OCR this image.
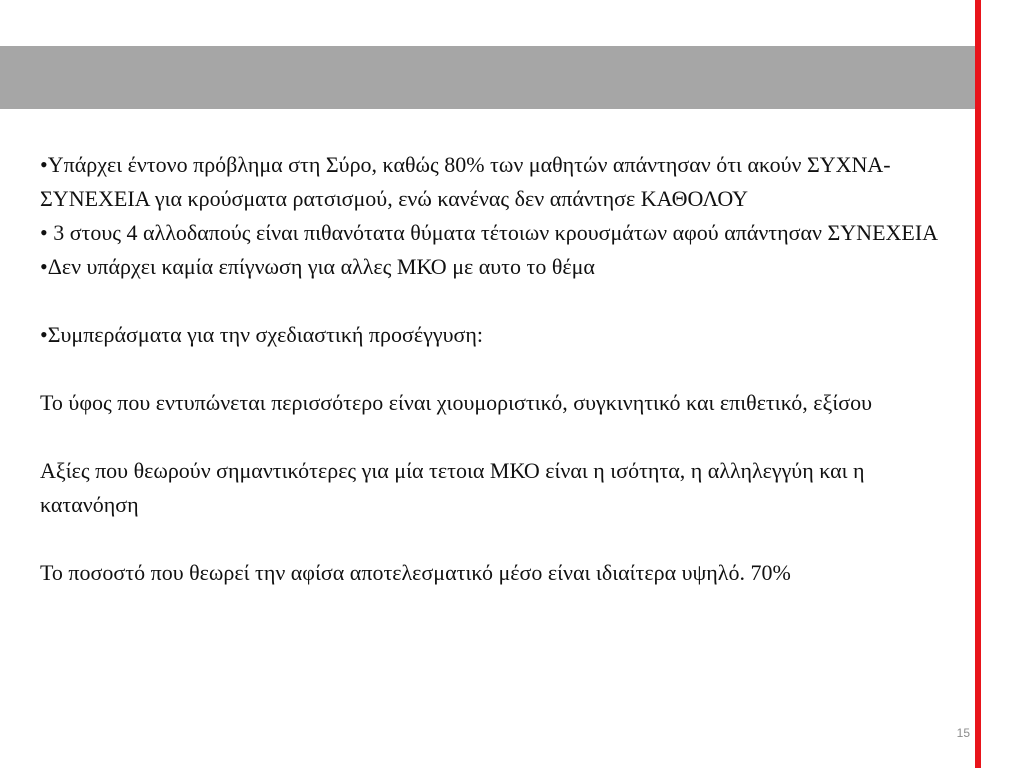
•Υπάρχει έντονο πρόβλημα στη Σύρο, καθώς 80% των μαθητών απάντησαν ότι ακούν ΣΥΧΝΑ-ΣΥΝΕΧΕΙΑ για κρούσματα ρατσισμού, ενώ κανένας δεν απάντησε ΚΑΘΟΛΟΥ

• 3 στους 4 αλλοδαπούς είναι πιθανότατα θύματα τέτοιων κρουσμάτων αφού απάντησαν ΣΥΝΕΧΕΙΑ

•Δεν υπάρχει καμία επίγνωση για αλλες ΜΚΟ με αυτο το θέμα

•Συμπεράσματα για την σχεδιαστική προσέγγυση:

Το ύφος που εντυπώνεται περισσότερο είναι χιουμοριστικό, συγκινητικό και επιθετικό, εξίσου

Αξίες που θεωρούν σημαντικότερες για μία τετοια ΜΚΟ είναι η ισότητα, η αλληλεγγύη και η κατανόηση

Το ποσοστό που θεωρεί την αφίσα αποτελεσματικό μέσο είναι ιδιαίτερα υψηλό. 70%

15
